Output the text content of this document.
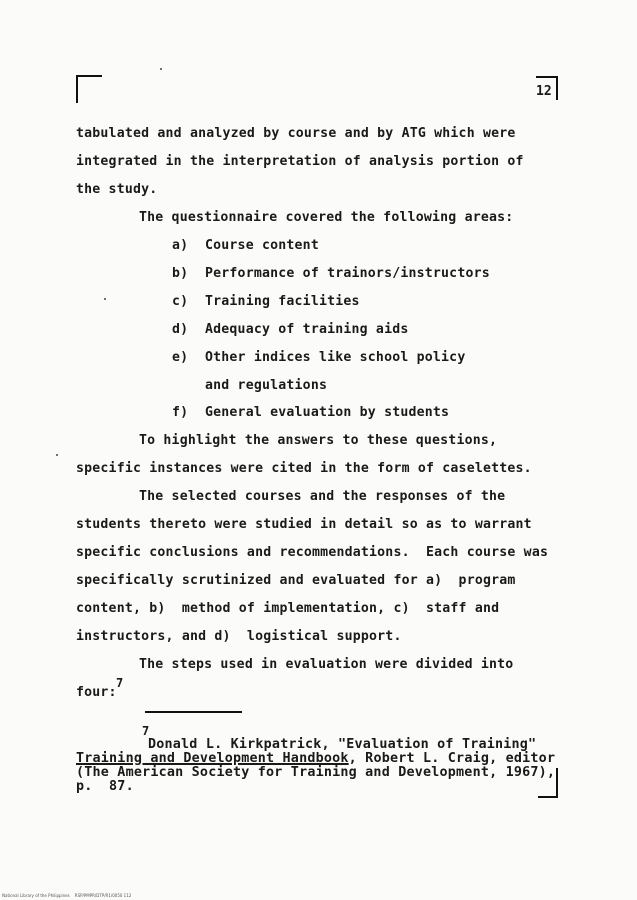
12
tabulated and analyzed by course and by ATG which were
integrated in the interpretation of analysis portion of
the study.
The questionnaire covered the following areas:
a) Course content
b) Performance of trainors/instructors
c) Training facilities
d) Adequacy of training aids
e) Other indices like school policy
and regulations
f) General evaluation by students
To highlight the answers to these questions,
specific instances were cited in the form of caselettes.
The selected courses and the responses of the
students thereto were studied in detail so as to warrant
specific conclusions and recommendations.  Each course was
specifically scrutinized and evaluated for a)  program
content, b)  method of implementation, c)  staff and
instructors, and d)  logistical support.
The steps used in evaluation were divided into
four:
7
7
Donald L. Kirkpatrick, "Evaluation of Training"
Training and Development Handbook, Robert L. Craig, editor
(The American Society for Training and Development, 1967),
p.  87.
National Library of the Philippines    RSP/PMPR/DTP/R1/0050 112
